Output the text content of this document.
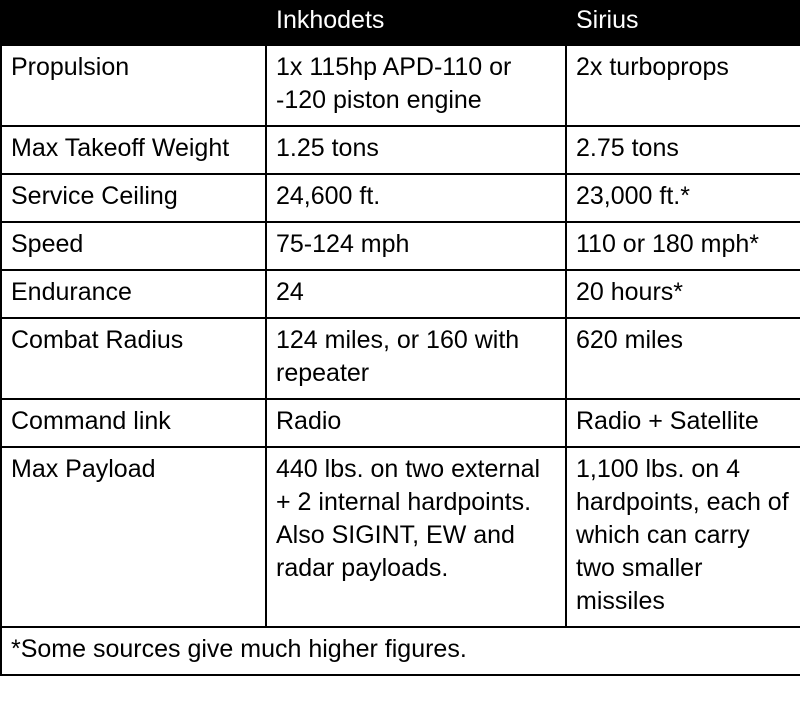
	Inkhodets	Sirius

Propulsion	1x 115hp APD-110 or -120 piston engine	2x turboprops

Max Takeoff Weight	1.25 tons	2.75 tons

Service Ceiling	24,600 ft.	23,000 ft.*

Speed	75-124 mph	110 or 180 mph*

Endurance	24	20 hours*

Combat Radius	124 miles, or 160 with repeater	620 miles

Command link	Radio	Radio + Satellite

Max Payload	440 lbs. on two external + 2 internal hardpoints. Also SIGINT, EW and radar payloads.	1,100 lbs. on 4 hardpoints, each of which can carry two smaller missiles

*Some sources give much higher figures.		
